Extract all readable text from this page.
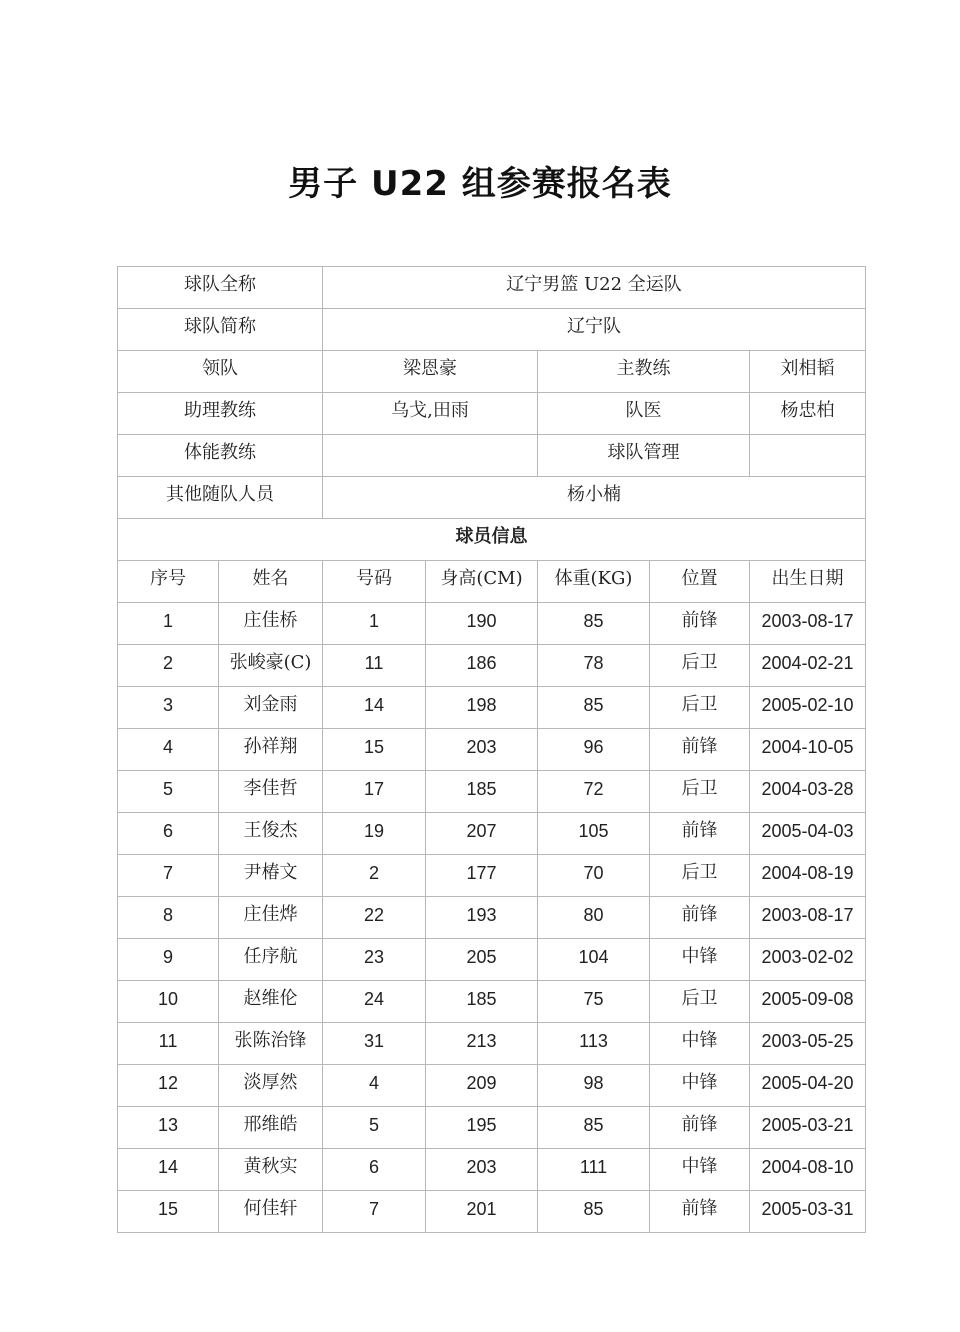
男子 U22 组参赛报名表
球队全称		辽宁男篮 U22 全运队				
球队简称		辽宁队				
领队		梁恩豪		主教练		刘相韬
助理教练		乌戈,田雨		队医		杨忠柏
体能教练				球队管理		
其他随队人员		杨小楠				
球员信息						
序号	姓名	号码	身高(CM)	体重(KG)	位置	出生日期
1	庄佳桥	1	190	85	前锋	2003-08-17
2	张峻豪(C)	11	186	78	后卫	2004-02-21
3	刘金雨	14	198	85	后卫	2005-02-10
4	孙祥翔	15	203	96	前锋	2004-10-05
5	李佳哲	17	185	72	后卫	2004-03-28
6	王俊杰	19	207	105	前锋	2005-04-03
7	尹椿文	2	177	70	后卫	2004-08-19
8	庄佳烨	22	193	80	前锋	2003-08-17
9	任序航	23	205	104	中锋	2003-02-02
10	赵维伦	24	185	75	后卫	2005-09-08
11	张陈治锋	31	213	113	中锋	2003-05-25
12	淡厚然	4	209	98	中锋	2005-04-20
13	邢维皓	5	195	85	前锋	2005-03-21
14	黄秋实	6	203	111	中锋	2004-08-10
15	何佳轩	7	201	85	前锋	2005-03-31
